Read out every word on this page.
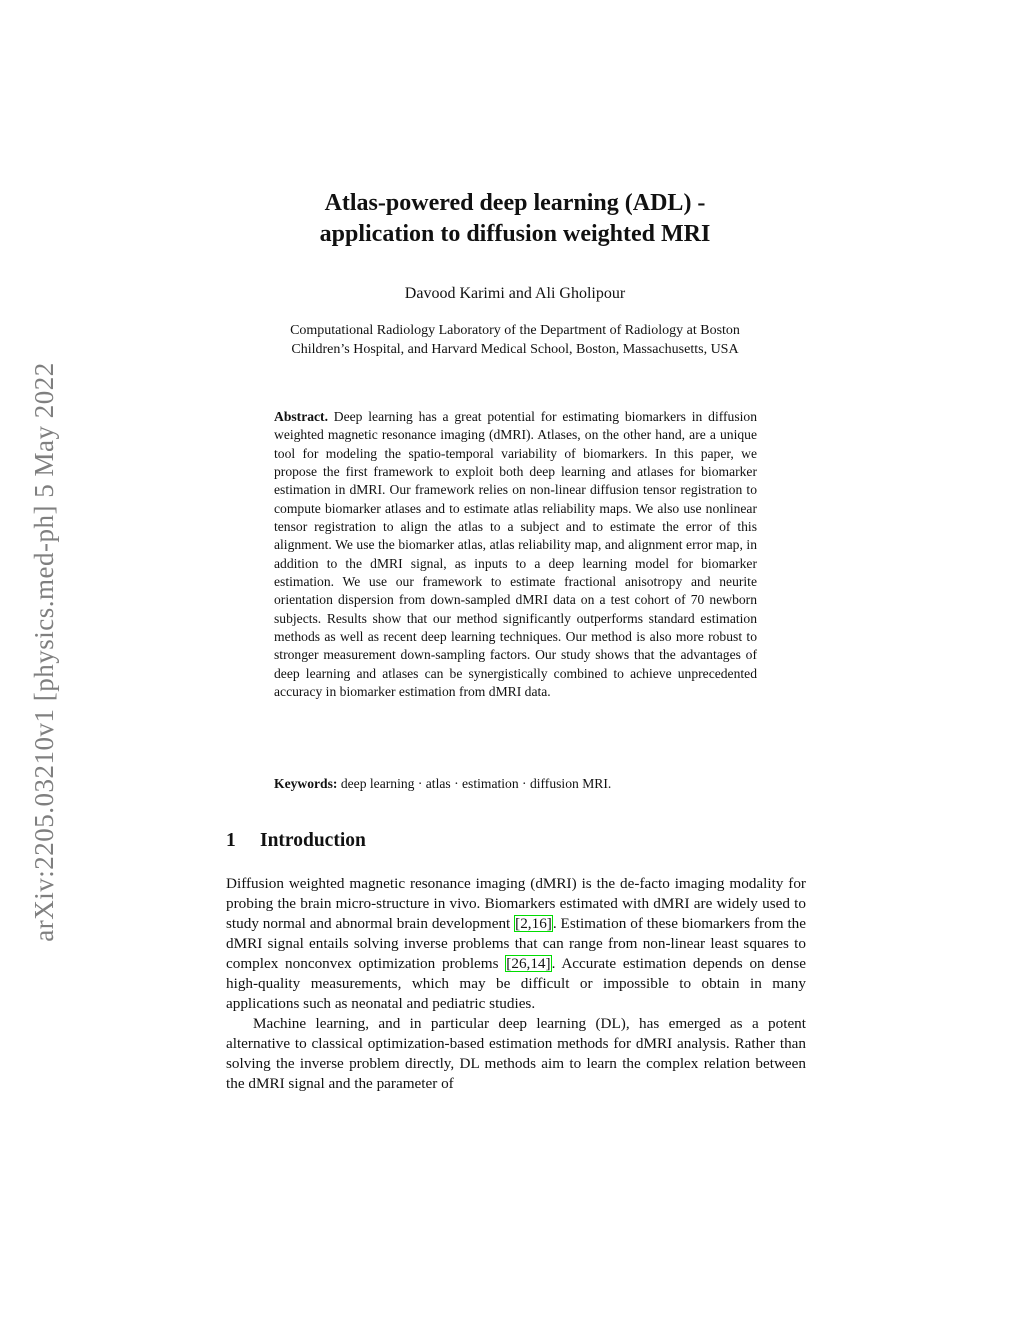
arXiv:2205.03210v1 [physics.med-ph] 5 May 2022
Atlas-powered deep learning (ADL) -
application to diffusion weighted MRI
Davood Karimi and Ali Gholipour
Computational Radiology Laboratory of the Department of Radiology at Boston
Children’s Hospital, and Harvard Medical School, Boston, Massachusetts, USA
Abstract. Deep learning has a great potential for estimating biomarkers in diffusion weighted magnetic resonance imaging (dMRI). Atlases, on the other hand, are a unique tool for modeling the spatio-temporal variability of biomarkers. In this paper, we propose the first framework to exploit both deep learning and atlases for biomarker estimation in dMRI. Our framework relies on non-linear diffusion tensor registration to compute biomarker atlases and to estimate atlas reliability maps. We also use nonlinear tensor registration to align the atlas to a subject and to estimate the error of this alignment. We use the biomarker atlas, atlas reliability map, and alignment error map, in addition to the dMRI signal, as inputs to a deep learning model for biomarker estimation. We use our framework to estimate fractional anisotropy and neurite orientation dispersion from down-sampled dMRI data on a test cohort of 70 newborn subjects. Results show that our method significantly outperforms standard estimation methods as well as recent deep learning techniques. Our method is also more robust to stronger measurement down-sampling factors. Our study shows that the advantages of deep learning and atlases can be synergistically combined to achieve unprecedented accuracy in biomarker estimation from dMRI data.
Keywords: deep learning · atlas · estimation · diffusion MRI.
1 Introduction

Diffusion weighted magnetic resonance imaging (dMRI) is the de-facto imaging modality for probing the brain micro-structure in vivo. Biomarkers estimated with dMRI are widely used to study normal and abnormal brain development [2,16]. Estimation of these biomarkers from the dMRI signal entails solving inverse problems that can range from non-linear least squares to complex nonconvex optimization problems [26,14]. Accurate estimation depends on dense high-quality measurements, which may be difficult or impossible to obtain in many applications such as neonatal and pediatric studies.

Machine learning, and in particular deep learning (DL), has emerged as a potent alternative to classical optimization-based estimation methods for dMRI analysis. Rather than solving the inverse problem directly, DL methods aim to learn the complex relation between the dMRI signal and the parameter of
